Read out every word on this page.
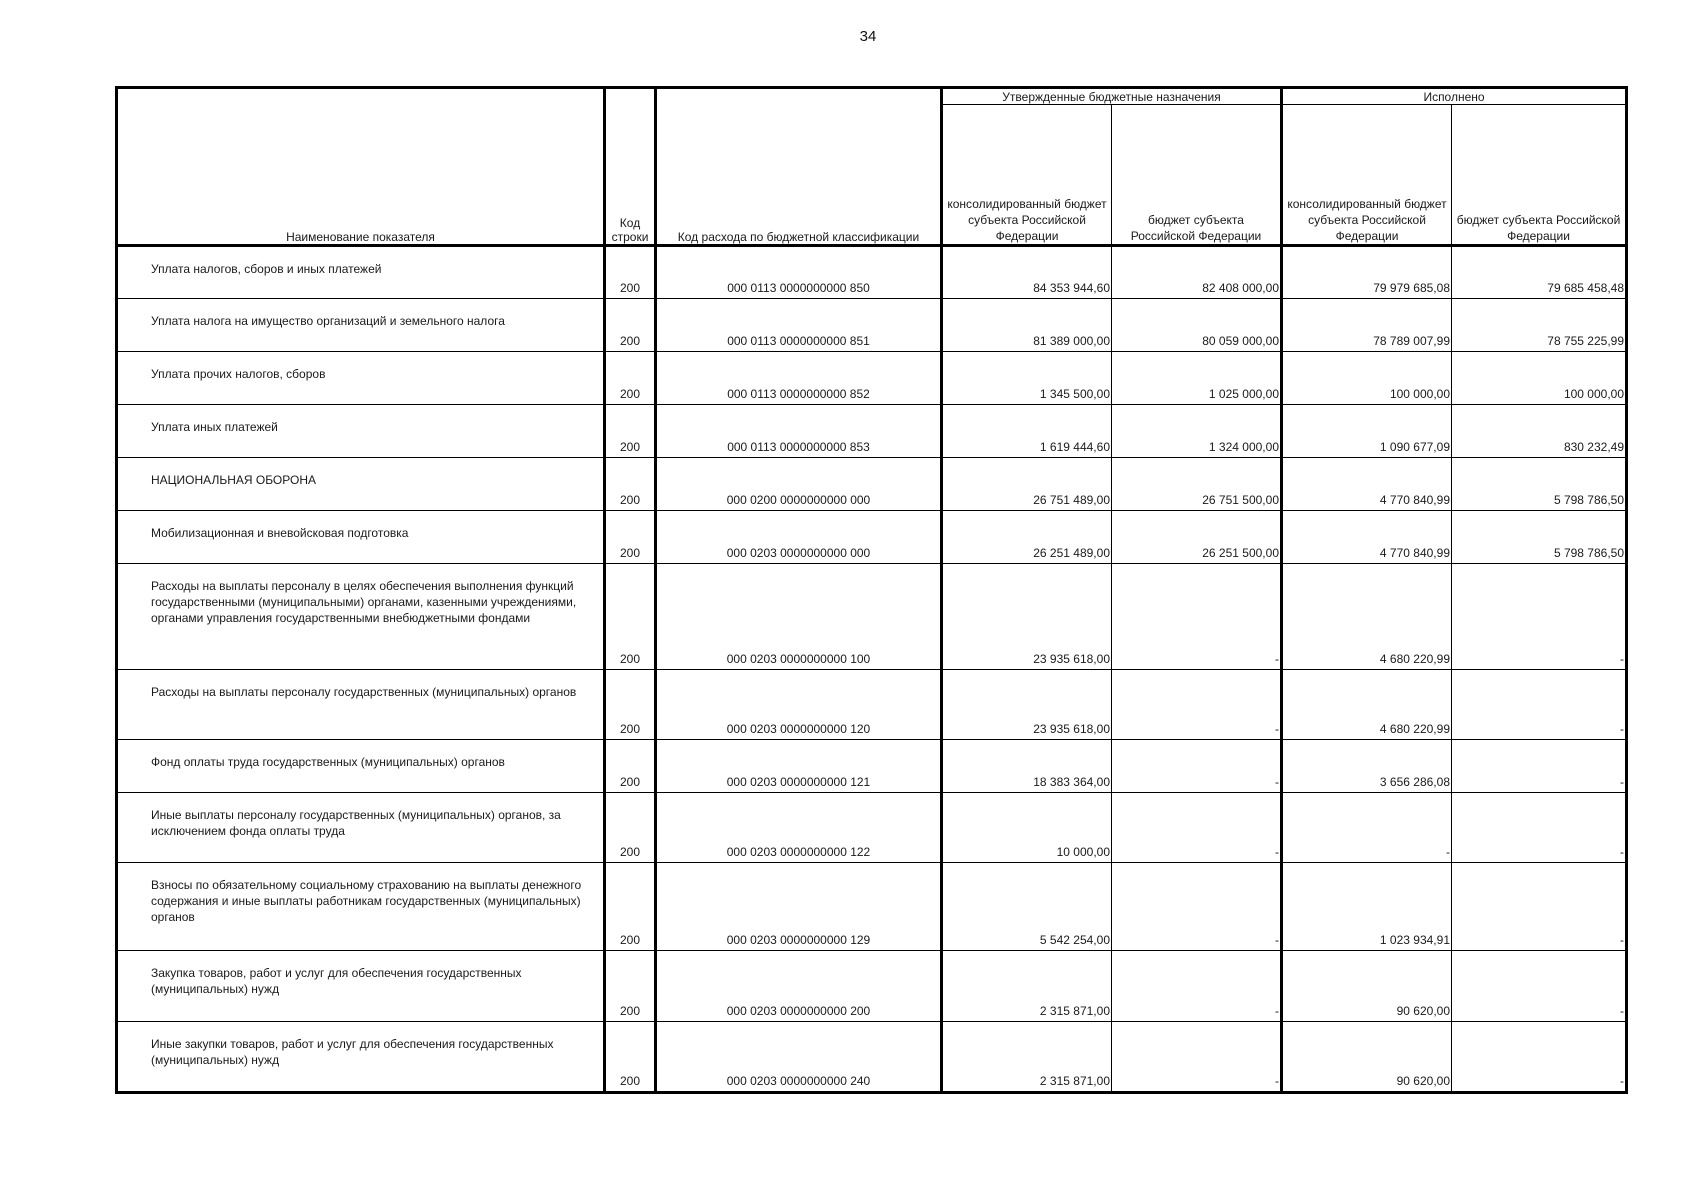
34
Наименование показателя	Код строки	Код расхода по бюджетной классификации	Утвержденные бюджетные назначения		Исполнено	
			консолидированный бюджет субъекта Российской Федерации	бюджет субъекта Российской Федерации	консолидированный бюджет субъекта Российской Федерации	бюджет субъекта Российской Федерации
Уплата налогов, сборов и иных платежей	200	000 0113 0000000000 850	84 353 944,60	82 408 000,00	79 979 685,08	79 685 458,48
Уплата налога на имущество организаций и земельного налога	200	000 0113 0000000000 851	81 389 000,00	80 059 000,00	78 789 007,99	78 755 225,99
Уплата прочих налогов, сборов	200	000 0113 0000000000 852	1 345 500,00	1 025 000,00	100 000,00	100 000,00
Уплата иных платежей	200	000 0113 0000000000 853	1 619 444,60	1 324 000,00	1 090 677,09	830 232,49
НАЦИОНАЛЬНАЯ ОБОРОНА	200	000 0200 0000000000 000	26 751 489,00	26 751 500,00	4 770 840,99	5 798 786,50
Мобилизационная и вневойсковая подготовка	200	000 0203 0000000000 000	26 251 489,00	26 251 500,00	4 770 840,99	5 798 786,50
Расходы на выплаты персоналу в целях обеспечения выполнения функций государственными (муниципальными) органами, казенными учреждениями, органами управления государственными внебюджетными фондами	200	000 0203 0000000000 100	23 935 618,00	-	4 680 220,99	-
Расходы на выплаты персоналу государственных (муниципальных) органов	200	000 0203 0000000000 120	23 935 618,00	-	4 680 220,99	-
Фонд оплаты труда государственных (муниципальных) органов	200	000 0203 0000000000 121	18 383 364,00	-	3 656 286,08	-
Иные выплаты персоналу государственных (муниципальных) органов, за исключением фонда оплаты труда	200	000 0203 0000000000 122	10 000,00	-	-	-
Взносы по обязательному социальному страхованию на выплаты денежного содержания и иные выплаты работникам государственных (муниципальных) органов	200	000 0203 0000000000 129	5 542 254,00	-	1 023 934,91	-
Закупка товаров, работ и услуг для обеспечения государственных (муниципальных) нужд	200	000 0203 0000000000 200	2 315 871,00	-	90 620,00	-
Иные закупки товаров, работ и услуг для обеспечения государственных (муниципальных) нужд	200	000 0203 0000000000 240	2 315 871,00	-	90 620,00	-
